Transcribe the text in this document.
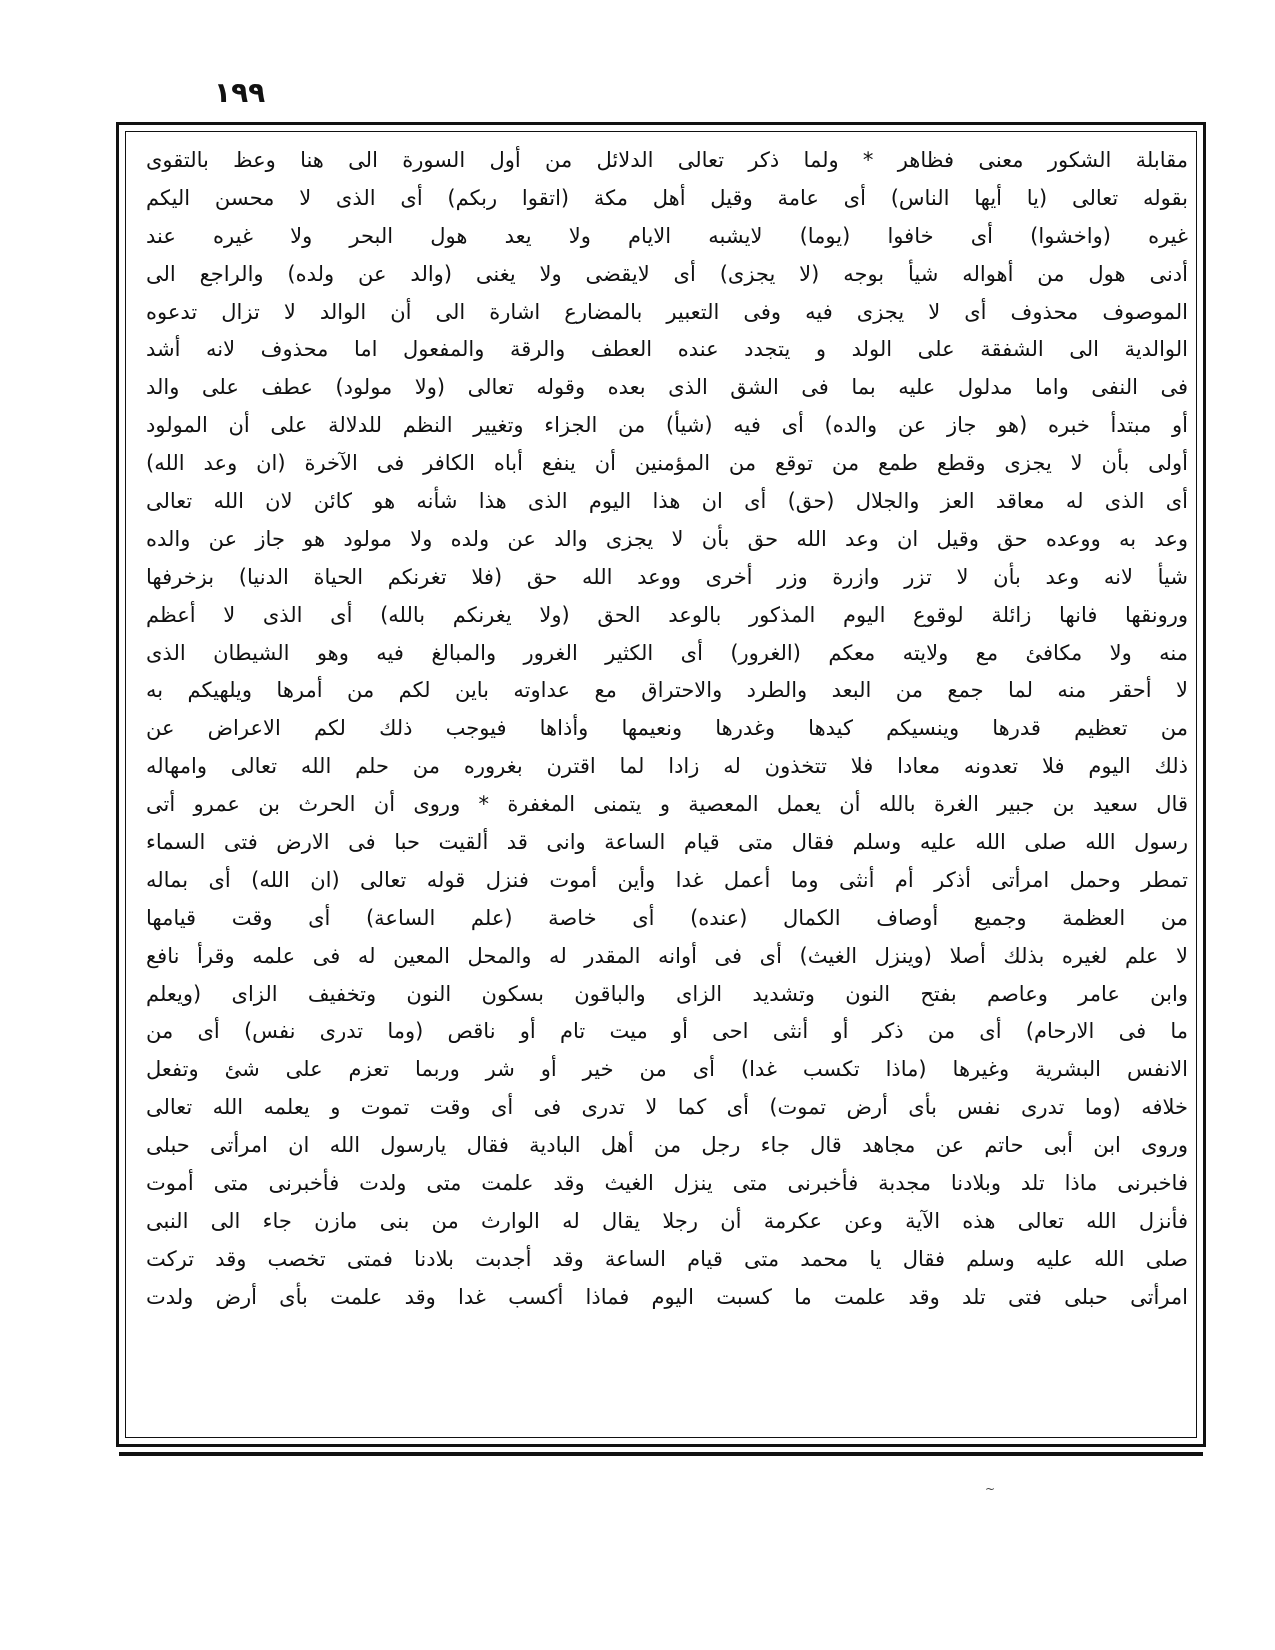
١٩٩
مقابلة الشكور معنى فظاهر * ولما ذكر تعالى الدلائل من أول السورة الى هنا وعظ بالتقوى
بقوله تعالى (يا أيها الناس) أى عامة وقيل أهل مكة (اتقوا ربكم) أى الذى لا محسن اليكم
غيره (واخشوا) أى خافوا (يوما) لايشبه الايام ولا يعد هول البحر ولا غيره عند
أدنى هول من أهواله شيأ بوجه (لا يجزى) أى لايقضى ولا يغنى (والد عن ولده) والراجع الى
الموصوف محذوف أى لا يجزى فيه وفى التعبير بالمضارع اشارة الى أن الوالد لا تزال تدعوه
الوالدية الى الشفقة على الولد و يتجدد عنده العطف والرقة والمفعول اما محذوف لانه أشد
فى النفى واما مدلول عليه بما فى الشق الذى بعده وقوله تعالى (ولا مولود) عطف على والد
أو مبتدأ خبره (هو جاز عن والده) أى فيه (شيأ) من الجزاء وتغيير النظم للدلالة على أن المولود
أولى بأن لا يجزى وقطع طمع من توقع من المؤمنين أن ينفع أباه الكافر فى الآخرة (ان وعد الله)
أى الذى له معاقد العز والجلال (حق) أى ان هذا اليوم الذى هذا شأنه هو كائن لان الله تعالى
وعد به ووعده حق وقيل ان وعد الله حق بأن لا يجزى والد عن ولده ولا مولود هو جاز عن والده
شيأ لانه وعد بأن لا تزر وازرة وزر أخرى ووعد الله حق (فلا تغرنكم الحياة الدنيا) بزخرفها
ورونقها فانها زائلة لوقوع اليوم المذكور بالوعد الحق (ولا يغرنكم بالله) أى الذى لا أعظم
منه ولا مكافئ مع ولايته معكم (الغرور) أى الكثير الغرور والمبالغ فيه وهو الشيطان الذى
لا أحقر منه لما جمع من البعد والطرد والاحتراق مع عداوته باين لكم من أمرها ويلهيكم به
من تعظيم قدرها وينسيكم كيدها وغدرها ونعيمها وأذاها فيوجب ذلك لكم الاعراض عن
ذلك اليوم فلا تعدونه معادا فلا تتخذون له زادا لما اقترن بغروره من حلم الله تعالى وامهاله
قال سعيد بن جبير الغرة بالله أن يعمل المعصية و يتمنى المغفرة * وروى أن الحرث بن عمرو أتى
رسول الله صلى الله عليه وسلم فقال متى قيام الساعة وانى قد ألقيت حبا فى الارض فتى السماء
تمطر وحمل امرأتى أذكر أم أنثى وما أعمل غدا وأين أموت فنزل قوله تعالى (ان الله) أى بماله
من العظمة وجميع أوصاف الكمال (عنده) أى خاصة (علم الساعة) أى وقت قيامها
لا علم لغيره بذلك أصلا (وينزل الغيث) أى فى أوانه المقدر له والمحل المعين له فى علمه وقرأ نافع
وابن عامر وعاصم بفتح النون وتشديد الزاى والباقون بسكون النون وتخفيف الزاى (ويعلم
ما فى الارحام) أى من ذكر أو أنثى احى أو ميت تام أو ناقص (وما تدرى نفس) أى من
الانفس البشرية وغيرها (ماذا تكسب غدا) أى من خير أو شر وربما تعزم على شئ وتفعل
خلافه (وما تدرى نفس بأى أرض تموت) أى كما لا تدرى فى أى وقت تموت و يعلمه الله تعالى
وروى ابن أبى حاتم عن مجاهد قال جاء رجل من أهل البادية فقال يارسول الله ان امرأتى حبلى
فاخبرنى ماذا تلد وبلادنا مجدبة فأخبرنى متى ينزل الغيث وقد علمت متى ولدت فأخبرنى متى أموت
فأنزل الله تعالى هذه الآية وعن عكرمة أن رجلا يقال له الوارث من بنى مازن جاء الى النبى
صلى الله عليه وسلم فقال يا محمد متى قيام الساعة وقد أجدبت بلادنا فمتى تخصب وقد تركت
امرأتى حبلى فتى تلد وقد علمت ما كسبت اليوم فماذا أكسب غدا وقد علمت بأى أرض ولدت
~
